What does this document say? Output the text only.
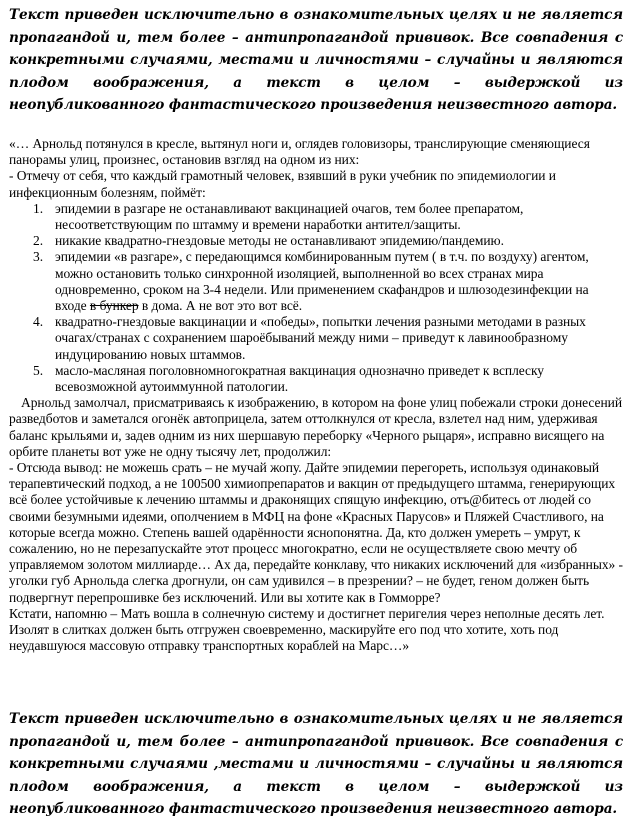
Текст приведен исключительно в ознакомительных целях и не является пропагандой и, тем более – антипропагандой прививок. Все совпадения с конкретными случаями, местами и личностями – случайны и являются плодом воображения, а текст в целом – выдержкой из неопубликованного фантастического произведения неизвестного автора.

«… Арнольд потянулся в кресле, вытянул ноги и, оглядев головизоры, транслирующие сменяющиеся панорамы улиц, произнес, остановив взгляд на одном из них:

- Отмечу от себя, что каждый грамотный человек, взявший в руки учебник по эпидемиологии и инфекционным болезням, поймёт:

1. эпидемии в разгаре не останавливают вакцинацией очагов, тем более препаратом, несоответствующим по штамму и времени наработки антител/защиты.
2. никакие квадратно-гнездовые методы не останавливают эпидемию/пандемию.
3. эпидемии «в разгаре», с передающимся комбинированным путем ( в т.ч. по воздуху) агентом, можно остановить только синхронной изоляцией, выполненной во всех странах мира одновременно, сроком на 3-4 недели. Или применением скафандров и шлюзодезинфекции на входе в бункер в дома. А не вот это вот всё.
4. квадратно-гнездовые вакцинации и «победы», попытки лечения разными методами в разных очагах/странах с сохранением шароёбываний между ними – приведут к лавинообразному индуцированию новых штаммов.
5. масло-масляная поголовномногократная вакцинация однозначно приведет к всплеску всевозможной аутоиммунной патологии.

Арнольд замолчал, присматриваясь к изображению, в котором на фоне улиц побежали строки донесений разведботов и заметался огонёк автоприцела, затем оттолкнулся от кресла, взлетел над ним, удерживая баланс крыльями и, задев одним из них шершавую переборку «Черного рыцаря», исправно висящего на орбите планеты вот уже не одну тысячу лет, продолжил:

- Отсюда вывод: не можешь срать – не мучай жопу. Дайте эпидемии перегореть, используя одинаковый терапевтический подход, а не 100500 химиопрепаратов и вакцин от предыдущего штамма, генерирующих всё более устойчивые к лечению штаммы и драконящих спящую инфекцию, отъ@битесь от людей со своими безумными идеями, ополчением в МФЦ на фоне «Красных Парусов» и Пляжей Счастливого, на которые всегда можно. Степень вашей одарённости яснопонятна. Да, кто должен умереть – умрут, к сожалению, но не перезапускайте этот процесс многократно, если не осуществляете свою мечту об управляемом золотом миллиарде… Ах да, передайте конклаву, что никаких исключений для «избранных» - уголки губ Арнольда слегка дрогнули, он сам удивился – в презрении? – не будет, геном должен быть подвергнут перепрошивке без исключений. Или вы хотите как в Гомморре?

Кстати, напомню – Мать вошла в солнечную систему и достигнет перигелия через неполные десять лет. Изолят в слитках должен быть отгружен своевременно, маскируйте его под что хотите, хоть под неудавшуюся массовую отправку транспортных кораблей на Марс…»

Текст приведен исключительно в ознакомительных целях и не является пропагандой и, тем более – антипропагандой прививок. Все совпадения с конкретными случаями ,местами и личностями – случайны и являются плодом воображения, а текст в целом – выдержкой из неопубликованного фантастического произведения неизвестного автора.
